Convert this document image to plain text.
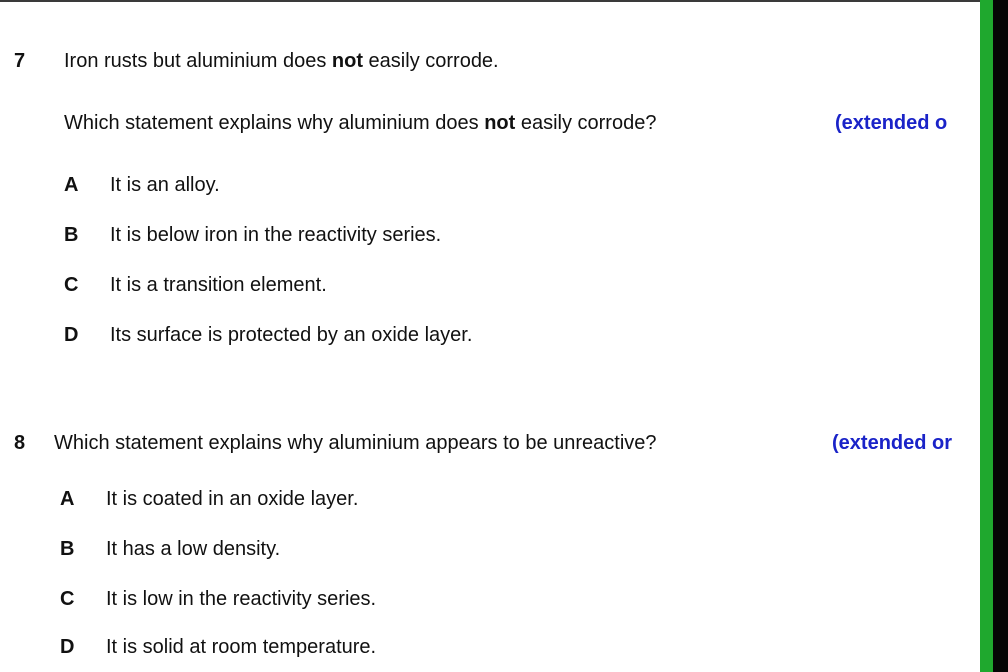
7 Iron rusts but aluminium does not easily corrode.
Which statement explains why aluminium does not easily corrode?	(extended o
A It is an alloy.
B It is below iron in the reactivity series.
C It is a transition element.
D Its surface is protected by an oxide layer.
8 Which statement explains why aluminium appears to be unreactive?	(extended or
A It is coated in an oxide layer.
B It has a low density.
C It is low in the reactivity series.
D It is solid at room temperature.
